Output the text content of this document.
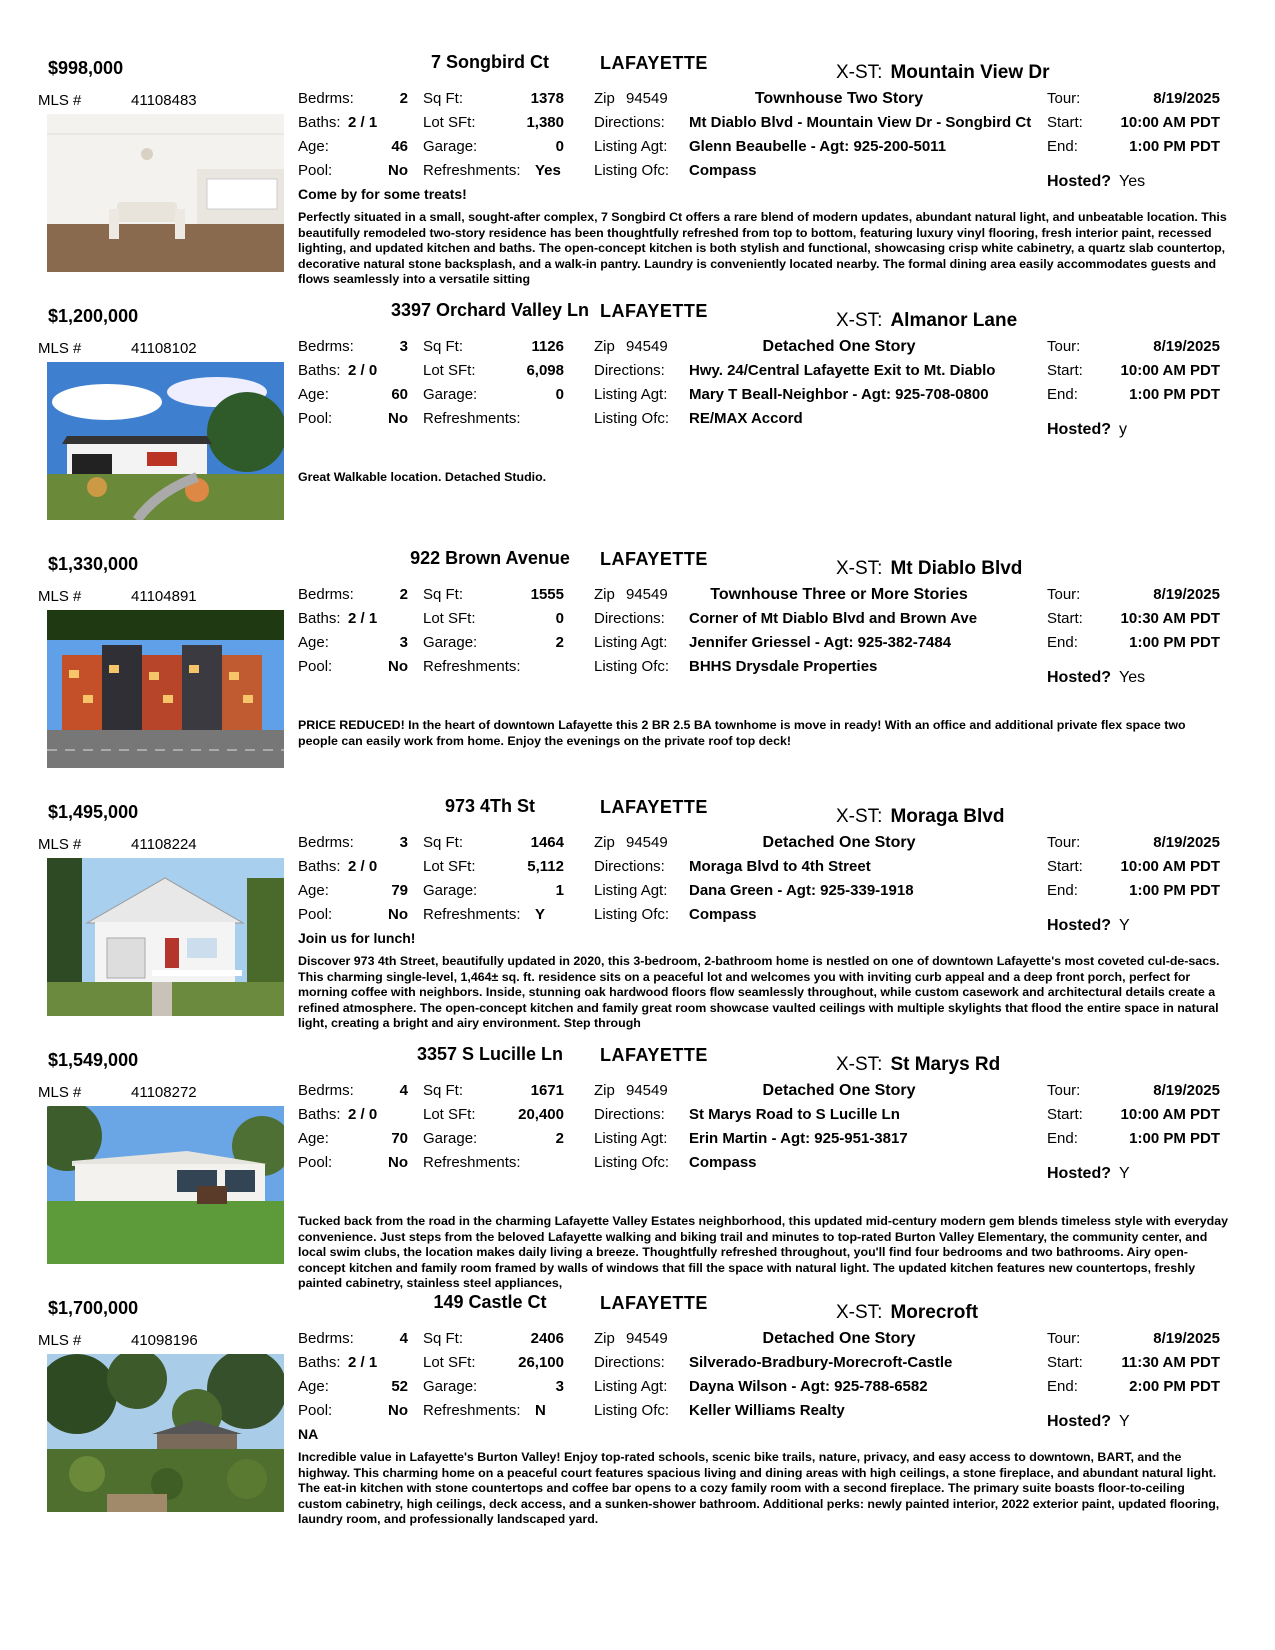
$998,000	7 Songbird Ct	LAFAYETTE	X-ST: Mountain View Dr
MLS #	41108483	Bedrms:	2 Sq Ft:	1378 Zip 94549	Townhouse Two Story	Tour:	8/19/2025
Baths: 2 / 1	Lot SFt:	1,380 Directions: Mt Diablo Blvd - Mountain View Dr - Songbird Ct Start:	10:00 AM PDT
Age:	46 Garage:	0 Listing Agt: Glenn Beaubelle - Agt: 925-200-5011	End:	1:00 PM PDT
Pool:	No Refreshments: Yes Listing Ofc: Compass
Hosted? Yes
Come by for some treats!
Perfectly situated in a small, sought-after complex, 7 Songbird Ct offers a rare blend of modern updates, abundant natural light, and unbeatable location. This beautifully remodeled two-story residence has been thoughtfully refreshed from top to bottom, featuring luxury vinyl flooring, fresh interior paint, recessed lighting, and updated kitchen and baths. The open-concept kitchen is both stylish and functional, showcasing crisp white cabinetry, a quartz slab countertop, decorative natural stone backsplash, and a walk-in pantry. Laundry is conveniently located nearby. The formal dining area easily accommodates guests and flows seamlessly into a versatile sitting
$1,200,000	3397 Orchard Valley Ln LAFAYETTE	X-ST: Almanor Lane
MLS #	41108102	Bedrms:	3 Sq Ft:	1126 Zip 94549	Detached One Story	Tour:	8/19/2025
Baths: 2 / 0	Lot SFt:	6,098 Directions: Hwy. 24/Central Lafayette Exit to Mt. Diablo	Start:	10:00 AM PDT
Age:	60 Garage:	0 Listing Agt: Mary T Beall-Neighbor - Agt: 925-708-0800	End:	1:00 PM PDT
Pool:	No Refreshments:	Listing Ofc: RE/MAX Accord
Hosted? y
Great Walkable location. Detached Studio.
$1,330,000	922 Brown Avenue	LAFAYETTE	X-ST: Mt Diablo Blvd
MLS #	41104891	Bedrms:	2 Sq Ft:	1555 Zip 94549	Townhouse Three or More Stories	Tour:	8/19/2025
Baths: 2 / 1	Lot SFt:	0 Directions: Corner of Mt Diablo Blvd and Brown Ave	Start:	10:30 AM PDT
Age:	3 Garage:	2 Listing Agt: Jennifer Griessel - Agt: 925-382-7484	End:	1:00 PM PDT
Pool:	No Refreshments:	Listing Ofc: BHHS Drysdale Properties
Hosted? Yes
PRICE REDUCED! In the heart of downtown Lafayette this 2 BR 2.5 BA townhome is move in ready! With an office and additional private flex space two people can easily work from home. Enjoy the evenings on the private roof top deck!
$1,495,000	973 4Th St	LAFAYETTE	X-ST: Moraga Blvd
MLS #	41108224	Bedrms:	3 Sq Ft:	1464 Zip 94549	Detached One Story	Tour:	8/19/2025
Baths: 2 / 0	Lot SFt:	5,112 Directions: Moraga Blvd to 4th Street	Start:	10:00 AM PDT
Age:	79 Garage:	1 Listing Agt: Dana Green - Agt: 925-339-1918	End:	1:00 PM PDT
Pool:	No Refreshments: Y	Listing Ofc: Compass
Hosted? Y
Join us for lunch!
Discover 973 4th Street, beautifully updated in 2020, this 3-bedroom, 2-bathroom home is nestled on one of downtown Lafayette's most coveted cul-de-sacs. This charming single-level, 1,464± sq. ft. residence sits on a peaceful lot and welcomes you with inviting curb appeal and a deep front porch, perfect for morning coffee with neighbors. Inside, stunning oak hardwood floors flow seamlessly throughout, while custom casework and architectural details create a refined atmosphere. The open-concept kitchen and family great room showcase vaulted ceilings with multiple skylights that flood the entire space in natural light, creating a bright and airy environment. Step through
$1,549,000	3357 S Lucille Ln	LAFAYETTE	X-ST: St Marys Rd
MLS #	41108272	Bedrms:	4 Sq Ft:	1671 Zip 94549	Detached One Story	Tour:	8/19/2025
Baths: 2 / 0	Lot SFt:	20,400 Directions: St Marys Road to S Lucille Ln	Start:	10:00 AM PDT
Age:	70 Garage:	2 Listing Agt: Erin Martin - Agt: 925-951-3817	End:	1:00 PM PDT
Pool:	No Refreshments:	Listing Ofc: Compass
Hosted? Y
Tucked back from the road in the charming Lafayette Valley Estates neighborhood, this updated mid-century modern gem blends timeless style with everyday convenience. Just steps from the beloved Lafayette walking and biking trail and minutes to top-rated Burton Valley Elementary, the community center, and local swim clubs, the location makes daily living a breeze. Thoughtfully refreshed throughout, you'll find four bedrooms and two bathrooms. Airy open-concept kitchen and family room framed by walls of windows that fill the space with natural light. The updated kitchen features new countertops, freshly painted cabinetry, stainless steel appliances,
$1,700,000	149 Castle Ct	LAFAYETTE	X-ST: Morecroft
MLS #	41098196	Bedrms:	4 Sq Ft:	2406 Zip 94549	Detached One Story	Tour:	8/19/2025
Baths: 2 / 1	Lot SFt:	26,100 Directions: Silverado-Bradbury-Morecroft-Castle	Start:	11:30 AM PDT
Age:	52 Garage:	3 Listing Agt: Dayna Wilson - Agt: 925-788-6582	End:	2:00 PM PDT
Pool:	No Refreshments: N	Listing Ofc: Keller Williams Realty
Hosted? Y
NA
Incredible value in Lafayette's Burton Valley! Enjoy top-rated schools, scenic bike trails, nature, privacy, and easy access to downtown, BART, and the highway. This charming home on a peaceful court features spacious living and dining areas with high ceilings, a stone fireplace, and abundant natural light. The eat-in kitchen with stone countertops and coffee bar opens to a cozy family room with a second fireplace. The primary suite boasts floor-to-ceiling custom cabinetry, high ceilings, deck access, and a sunken-shower bathroom. Additional perks: newly painted interior, 2022 exterior paint, updated flooring, laundry room, and professionally landscaped yard.
